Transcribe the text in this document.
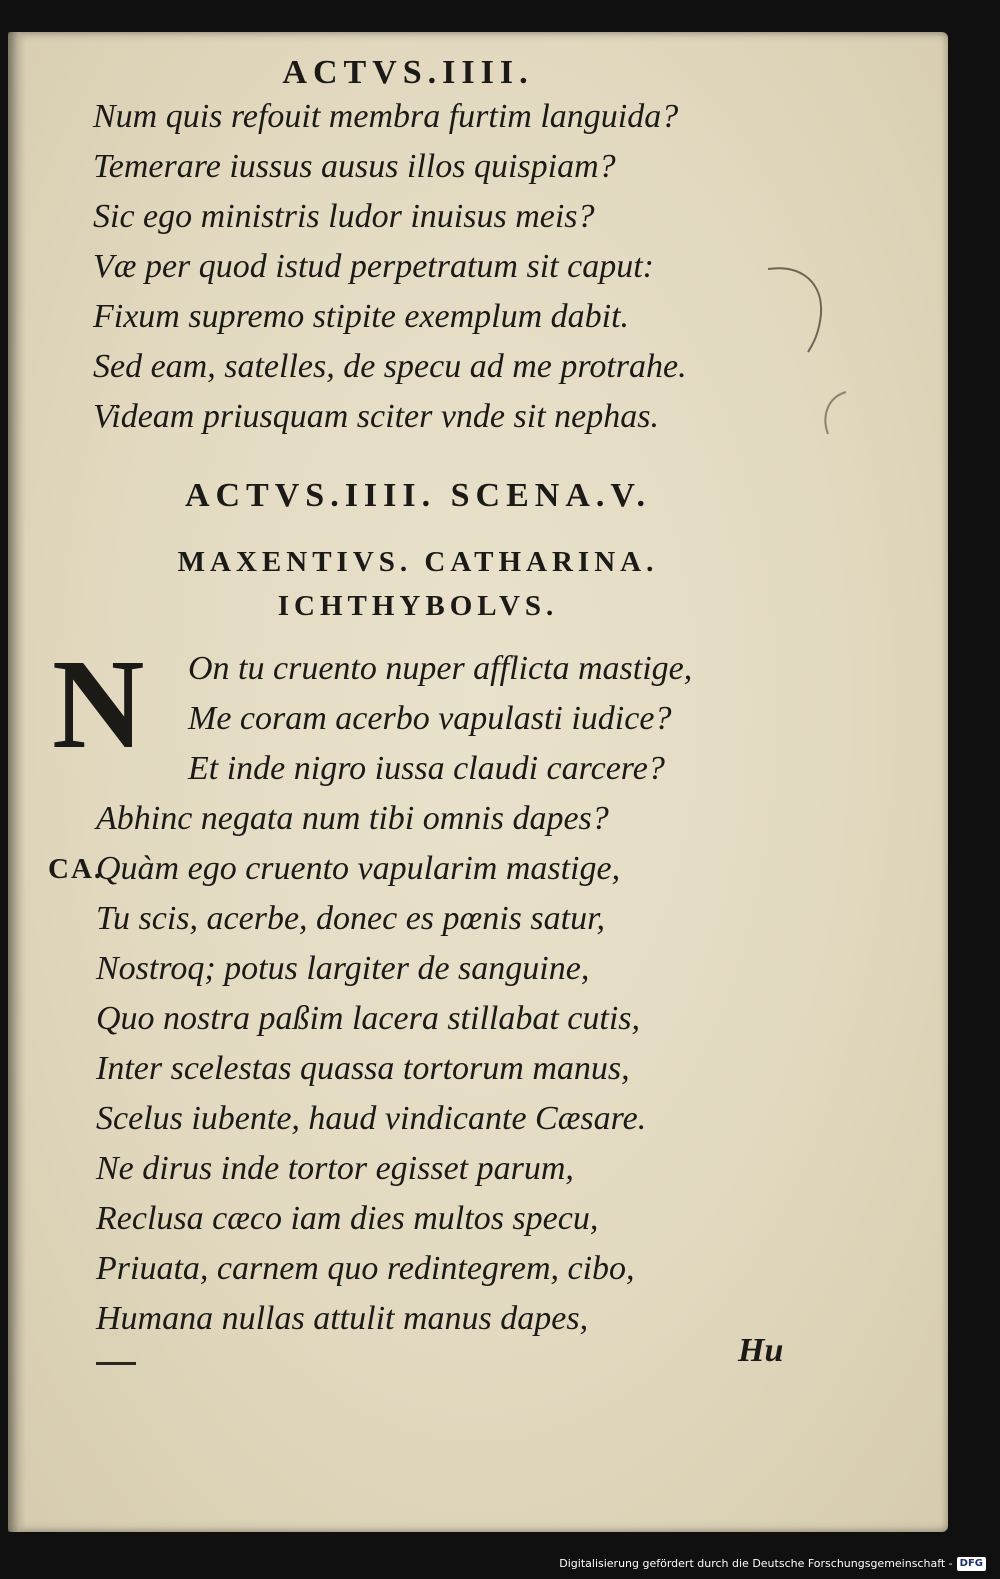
ACTVS.IIII.
Num quis refouit membra furtim languida?
Temerare iussus ausus illos quispiam?
Sic ego ministris ludor inuisus meis?
Væ per quod istud perpetratum sit caput:
Fixum supremo stipite exemplum dabit.
Sed eam, satelles, de specu ad me protrahe.
Videam priusquam sciter vnde sit nephas.
ACTVS.IIII. SCENA.V.
MAXENTIVS. CATHARINA.
ICHTHYBOLVS.
N On tu cruento nuper afflicta mastige,
Me coram acerbo vapulasti iudice?
Et inde nigro iussa claudi carcere?
CA.
Abhinc negata num tibi omnis dapes?
Quàm ego cruento vapularim mastige,
Tu scis, acerbe, donec es pœnis satur,
Nostroq; potus largiter de sanguine,
Quo nostra paßim lacera stillabat cutis,
Inter scelestas quassa tortorum manus,
Scelus iubente, haud vindicante Cæsare.
Ne dirus inde tortor egisset parum,
Reclusa cæco iam dies multos specu,
Priuata, carnem quo redintegrem, cibo,
Humana nullas attulit manus dapes,
Hu
Digitalisierung gefördert durch die Deutsche Forschungsgemeinschaft - DFG
